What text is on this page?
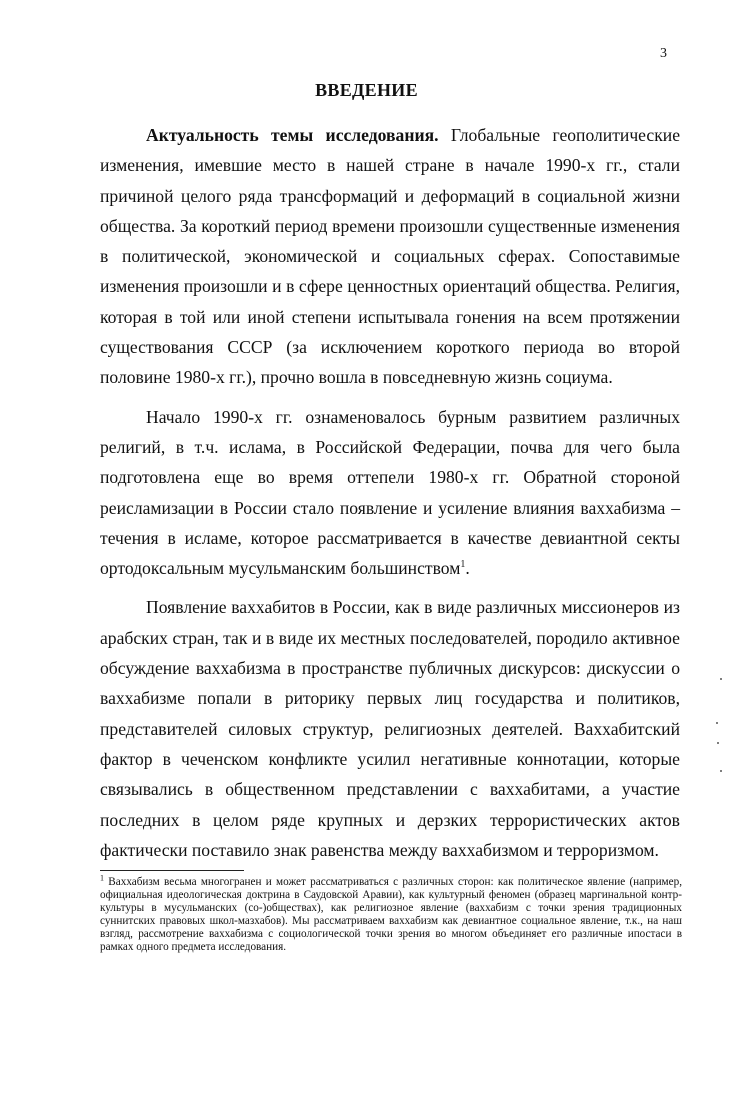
3
ВВЕДЕНИЕ

Актуальность темы исследования. Глобальные геополитические изменения, имевшие место в нашей стране в начале 1990-х гг., стали причиной целого ряда трансформаций и деформаций в социальной жизни общества. За короткий период времени произошли существенные изменения в политической, экономической и социальных сферах. Сопоставимые изменения произошли и в сфере ценностных ориентаций общества. Религия, которая в той или иной степени испытывала гонения на всем протяжении существования СССР (за исключением короткого периода во второй половине 1980-х гг.), прочно вошла в повседневную жизнь социума.

Начало 1990-х гг. ознаменовалось бурным развитием различных религий, в т.ч. ислама, в Российской Федерации, почва для чего была подготовлена еще во время оттепели 1980-х гг. Обратной стороной реисламизации в России стало появление и усиление влияния ваххабизма – течения в исламе, которое рассматривается в качестве девиантной секты ортодоксальным мусульманским большинством$^1$.

Появление ваххабитов в России, как в виде различных миссионеров из арабских стран, так и в виде их местных последователей, породило активное обсуждение ваххабизма в пространстве публичных дискурсов: дискуссии о ваххабизме попали в риторику первых лиц государства и политиков, представителей силовых структур, религиозных деятелей. Ваххабитский фактор в чеченском конфликте усилил негативные коннотации, которые связывались в общественном представлении с ваххабитами, а участие последних в целом ряде крупных и дерзких террористических актов фактически поставило знак равенства между ваххабизмом и терроризмом.

$^1$ Ваххабизм весьма многогранен и может рассматриваться с различных сторон: как политическое явление (например, официальная идеологическая доктрина в Саудовской Аравии), как культурный феномен (образец маргинальной контр-культуры в мусульманских (со-)обществах), как религиозное явление (ваххабизм с точки зрения традиционных суннитских правовых школ-мазхабов). Мы рассматриваем ваххабизм как девиантное социальное явление, т.к., на наш взгляд, рассмотрение ваххабизма с социологической точки зрения во многом объединяет его различные ипостаси в рамках одного предмета исследования.
